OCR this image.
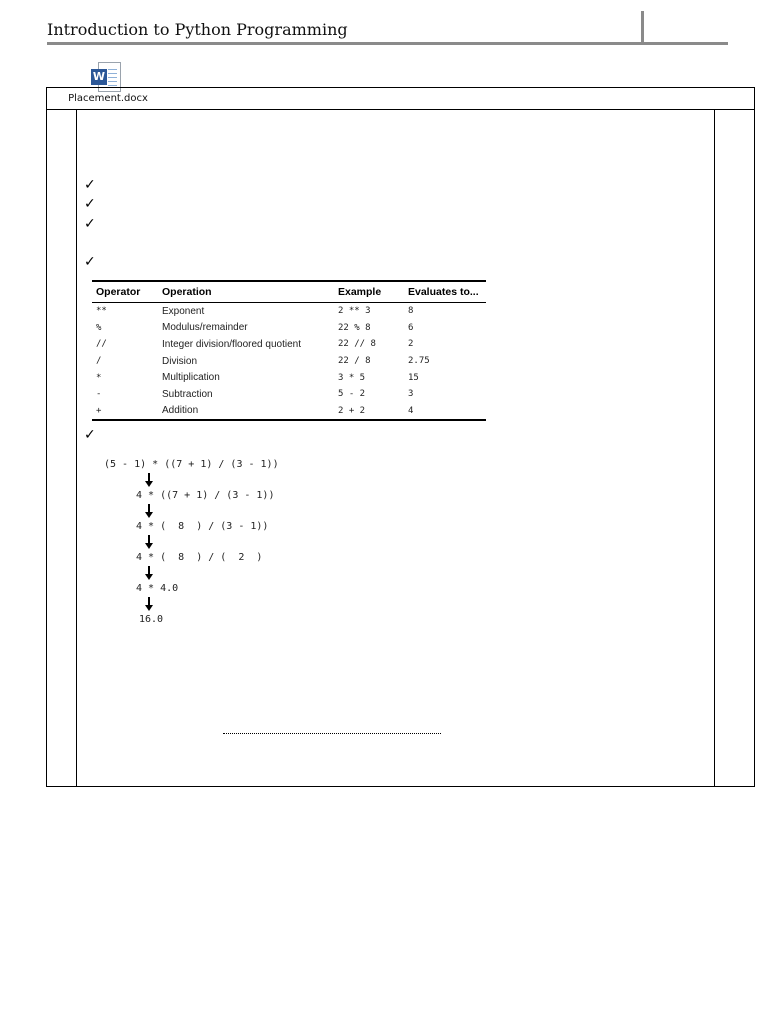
Introduction to Python Programming
W
Placement.docx
✓
✓
✓
✓
✓
Operator	Operation	Example	Evaluates to...
**	Exponent	2 ** 3	8
%	Modulus/remainder	22 % 8	6
//	Integer division/floored quotient	22 // 8	2
/	Division	22 / 8	2.75
*	Multiplication	3 * 5	15
-	Subtraction	5 - 2	3
+	Addition	2 + 2	4
(5 - 1) * ((7 + 1) / (3 - 1))
4 * ((7 + 1) / (3 - 1))
4 * (  8  ) / (3 - 1))
4 * (  8  ) / (  2  )
4 * 4.0
16.0
